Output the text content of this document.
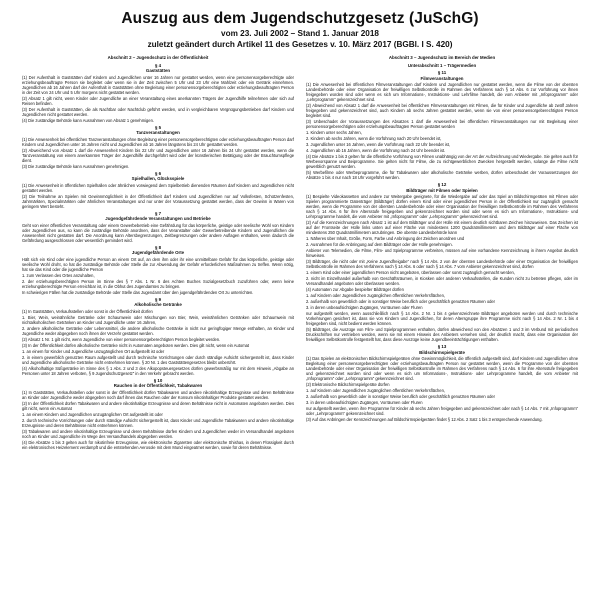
Auszug aus dem Jugendschutzgesetz (JuSchG)
vom 23. Juli 2002 – Stand 1. Januar 2018
zuletzt geändert durch Artikel 11 des Gesetzes v. 10. März 2017 (BGBl. I S. 420)
Abschnitt 2 – Jugendschutz in der Öffentlichkeit
§ 4
Gaststätten

(1) Der Aufenthalt in Gaststätten darf Kindern und Jugendlichen unter 16 Jahren nur gestattet werden, wenn eine personensorgeberechtigte oder erziehungsbeauftragte Person sie begleitet oder wenn sie in der Zeit zwischen 5 Uhr und 23 Uhr eine Mahlzeit oder ein Getränk einnehmen. Jugendlichen ab 16 Jahren darf der Aufenthalt in Gaststätten ohne Begleitung einer personensorgeberechtigten oder erziehungsbeauftragten Person in der Zeit von 24 Uhr und 5 Uhr morgens nicht gestattet werden.

(2) Absatz 1 gilt nicht, wenn Kinder oder Jugendliche an einer Veranstaltung eines anerkannten Trägers der Jugendhilfe teilnehmen oder sich auf Reisen befinden.

(3) Der Aufenthalt in Gaststätten, die als Nachtbar oder Nachtclub geführt werden, und in vergleichbaren Vergnügungsbetrieben darf Kindern und Jugendlichen nicht gestattet werden.

(4) Die zuständige Behörde kann Ausnahmen von Absatz 1 genehmigen.

§ 5
Tanzveranstaltungen

(1) Die Anwesenheit bei öffentlichen Tanzveranstaltungen ohne Begleitung einer personensorgeberechtigten oder erziehungsbeauftragten Person darf Kindern und Jugendlichen unter 16 Jahren nicht und Jugendlichen ab 16 Jahren längstens bis 24 Uhr gestattet werden.

(2) Abweichend von Absatz 1 darf die Anwesenheit Kindern bis 22 Uhr und Jugendlichen unter 16 Jahren bis 24 Uhr gestattet werden, wenn die Tanzveranstaltung von einem anerkannten Träger der Jugendhilfe durchgeführt wird oder der künstlerischen Betätigung oder der Brauchtumspflege dient.

(3) Die zuständige Behörde kann Ausnahmen genehmigen.

§ 6
Spielhallen, Glücksspiele

(1) Die Anwesenheit in öffentlichen Spielhallen oder ähnlichen vorwiegend dem Spielbetrieb dienenden Räumen darf Kindern und Jugendlichen nicht gestattet werden.

(2) Die Teilnahme an Spielen mit Gewinnmöglichkeit in der Öffentlichkeit darf Kindern und Jugendlichen nur auf Volksfesten, Schützenfesten, Jahrmärkten, Spezialmärkten oder ähnlichen Veranstaltungen und nur unter der Voraussetzung gestattet werden, dass der Gewinn in Waren von geringem Wert besteht.

§ 7
Jugendgefährdende Veranstaltungen und Betriebe

Geht von einer öffentlichen Veranstaltung oder einem Gewerbebetrieb eine Gefährdung für das körperliche, geistige oder seelische Wohl von Kindern oder Jugendlichen aus, so kann die zuständige Behörde anordnen, dass der Veranstalter oder Gewerbetreibende Kindern und Jugendlichen die Anwesenheit nicht gestatten darf. Die Anordnung kann Altersbegrenzungen, Zeitbegrenzungen oder andere Auflagen enthalten, wenn dadurch die Gefährdung ausgeschlossen oder wesentlich gemindert wird.

§ 8
Jugendgefährdende Orte

Hält sich ein Kind oder eine jugendliche Person an einem Ort auf, an dem ihm oder ihr eine unmittelbare Gefahr für das körperliche, geistige oder seelische Wohl droht, so hat die zuständige Behörde oder Stelle die zur Abwendung der Gefahr erforderlichen Maßnahmen zu treffen. Wenn nötig, hat sie das Kind oder die jugendliche Person

1. zum Verlassen des Ortes anzuhalten,

2. der erziehungsberechtigten Person im Sinne des § 7 Abs. 1 Nr. 6 des Achten Buches Sozialgesetzbuch zuzuführen oder, wenn keine erziehungsberechtigte Person erreichbar ist, in die Obhut des Jugendamtes zu bringen.

In schwierigen Fällen hat die zuständige Behörde oder Stelle das Jugendamt über den jugendgefährdenden Ort zu unterrichten.

§ 9
Alkoholische Getränke

(1) In Gaststätten, Verkaufsstellen oder sonst in der Öffentlichkeit dürfen

1. Bier, Wein, weinähnliche Getränke oder Schaumwein oder Mischungen von Bier, Wein, weinähnlichen Getränken oder Schaumwein mit nichtalkoholischen Getränken an Kinder und Jugendliche unter 16 Jahren,

2. andere alkoholische Getränke oder Lebensmittel, die andere alkoholische Getränke in nicht nur geringfügiger Menge enthalten, an Kinder und Jugendliche weder abgegeben noch ihnen der Verzehr gestattet werden.

(2) Absatz 1 Nr. 1 gilt nicht, wenn Jugendliche von einer personensorgeberechtigten Person begleitet werden.

(3) In der Öffentlichkeit dürfen alkoholische Getränke nicht in Automaten angeboten werden. Dies gilt nicht, wenn ein Automat

1. an einem für Kinder und Jugendliche unzugänglichen Ort aufgestellt ist oder

2. in einem gewerblich genutzten Raum aufgestellt und durch technische Vorrichtungen oder durch ständige Aufsicht sichergestellt ist, dass Kinder und Jugendliche alkoholische Getränke nicht entnehmen können. § 20 Nr. 1 des Gaststättengesetzes bleibt unberührt.

(4) Alkoholhaltige Süßgetränke im Sinne des § 1 Abs. 2 und 3 des Alkopopsteuergesetzes dürfen gewerbsmäßig nur mit dem Hinweis „Abgabe an Personen unter 18 Jahren verboten, § 9 Jugendschutzgesetz“ in den Verkehr gebracht werden.

§ 10
Rauchen in der Öffentlichkeit, Tabakwaren

(1) In Gaststätten, Verkaufsstellen oder sonst in der Öffentlichkeit dürfen Tabakwaren und andere nikotinhaltige Erzeugnisse und deren Behältnisse an Kinder oder Jugendliche weder abgegeben noch darf ihnen das Rauchen oder der Konsum nikotinhaltiger Produkte gestattet werden.

(2) In der Öffentlichkeit dürfen Tabakwaren und andere nikotinhaltige Erzeugnisse und deren Behältnisse nicht in Automaten angeboten werden. Dies gilt nicht, wenn ein Automat

1. an einem Kindern und Jugendlichen unzugänglichen Ort aufgestellt ist oder

2. durch technische Vorrichtungen oder durch ständige Aufsicht sichergestellt ist, dass Kinder und Jugendliche Tabakwaren und andere nikotinhaltige Erzeugnisse und deren Behältnisse nicht entnehmen können.

(3) Tabakwaren und andere nikotinhaltige Erzeugnisse und deren Behältnisse dürfen Kindern und Jugendlichen weder im Versandhandel angeboten noch an Kinder und Jugendliche im Wege des Versandhandels abgegeben werden.

(4) Die Absätze 1 bis 3 gelten auch für nikotinfreie Erzeugnisse, wie elektronische Zigaretten oder elektronische Shishas, in denen Flüssigkeit durch ein elektronisches Heizelement verdampft und die entstehenden Aerosole mit dem Mund eingeatmet werden, sowie für deren Behältnisse.

Abschnitt 3 – Jugendschutz im Bereich der Medien
Unterabschnitt 1 – Trägermedien
§ 11
Filmveranstaltungen

(1) Die Anwesenheit bei öffentlichen Filmveranstaltungen darf Kindern und Jugendlichen nur gestattet werden, wenn die Filme von der obersten Landesbehörde oder einer Organisation der freiwilligen Selbstkontrolle im Rahmen des Verfahrens nach § 14 Abs. 6 zur Vorführung vor ihnen freigegeben worden sind oder wenn es sich um Informations-, Instruktions- und Lehrfilme handelt, die vom Anbieter mit „Infoprogramm“ oder „Lehrprogramm“ gekennzeichnet sind.

(2) Abweichend von Absatz 1 darf die Anwesenheit bei öffentlichen Filmveranstaltungen mit Filmen, die für Kinder und Jugendliche ab zwölf Jahren freigegeben und gekennzeichnet sind, auch Kindern ab sechs Jahren gestattet werden, wenn sie von einer personensorgeberechtigten Person begleitet sind.

(3) Unbeschadet der Voraussetzungen des Absatzes 1 darf die Anwesenheit bei öffentlichen Filmveranstaltungen nur mit Begleitung einer personensorgeberechtigten oder erziehungsbeauftragten Person gestattet werden

1. Kindern unter sechs Jahren,

2. Kindern ab sechs Jahren, wenn die Vorführung nach 20 Uhr beendet ist,

3. Jugendlichen unter 16 Jahren, wenn die Vorführung nach 22 Uhr beendet ist,

4. Jugendlichen ab 16 Jahren, wenn die Vorführung nach 24 Uhr beendet ist.

(4) Die Absätze 1 bis 3 gelten für die öffentliche Vorführung von Filmen unabhängig von der Art der Aufzeichnung und Wiedergabe. Sie gelten auch für Werbevorspanne und Beiprogramme. Sie gelten nicht für Filme, die zu nichtgewerblichen Zwecken hergestellt werden, solange die Filme nicht gewerblich genutzt werden.

(5) Werbefilme oder Werbeprogramme, die für Tabakwaren oder alkoholische Getränke werben, dürfen unbeschadet der Voraussetzungen der Absätze 1 bis 4 nur nach 18 Uhr vorgeführt werden.

§ 12
Bildträger mit Filmen oder Spielen

(1) Bespielte Videokassetten und andere zur Weitergabe geeignete, für die Wiedergabe auf oder das Spiel an Bildschirmgeräten mit Filmen oder Spielen programmierte Datenträger (Bildträger) dürfen einem Kind oder einer jugendlichen Person in der Öffentlichkeit nur zugänglich gemacht werden, wenn die Programme von der obersten Landesbehörde oder einer Organisation der freiwilligen Selbstkontrolle im Rahmen des Verfahrens nach § 14 Abs. 6 für ihre Altersstufe freigegeben und gekennzeichnet worden sind oder wenn es sich um Informations-, Instruktions- und Lehrprogramme handelt, die vom Anbieter mit „Infoprogramm“ oder „Lehrprogramm“ gekennzeichnet sind.

(2) Auf die Kennzeichnungen nach Absatz 1 ist auf dem Bildträger und der Hülle mit einem deutlich sichtbaren Zeichen hinzuweisen. Das Zeichen ist auf der Frontseite der Hülle links unten auf einer Fläche von mindestens 1200 Quadratmillimetern und dem Bildträger auf einer Fläche von mindestens 250 Quadratmillimetern anzubringen. Die oberste Landesbehörde kann

1. Näheres über Inhalt, Größe, Form, Farbe und Anbringung der Zeichen anordnen und

2. Ausnahmen für die Anbringung auf dem Bildträger oder der Hülle genehmigen.

Anbieter von Telemedien, die Filme, Film- und Spielprogramme verbreiten, müssen auf eine vorhandene Kennzeichnung in ihrem Angebot deutlich hinweisen.

(3) Bildträger, die nicht oder mit „Keine Jugendfreigabe“ nach § 14 Abs. 2 von der obersten Landesbehörde oder einer Organisation der freiwilligen Selbstkontrolle im Rahmen des Verfahrens nach § 14 Abs. 6 oder nach § 14 Abs. 7 vom Anbieter gekennzeichnet sind, dürfen

1. einem Kind oder einer jugendlichen Person nicht angeboten, überlassen oder sonst zugänglich gemacht werden,

2. nicht im Einzelhandel außerhalb von Geschäftsräumen, in Kiosken oder anderen Verkaufsstellen, die Kunden nicht zu betreten pflegen, oder im Versandhandel angeboten oder überlassen werden.

(4) Automaten zur Abgabe bespielter Bildträger dürfen

1. auf Kindern oder Jugendlichen zugänglichen öffentlichen Verkehrsflächen,

2. außerhalb von gewerblich oder in sonstiger Weise beruflich oder geschäftlich genutzten Räumen oder

3. in deren unbeaufsichtigten Zugängen, Vorräumen oder Fluren

nur aufgestellt werden, wenn ausschließlich nach § 14 Abs. 2 Nr. 1 bis 4 gekennzeichnete Bildträger angeboten werden und durch technische Vorkehrungen gesichert ist, dass sie von Kindern und Jugendlichen, für deren Altersgruppe ihre Programme nicht nach § 14 Abs. 2 Nr. 1 bis 4 freigegeben sind, nicht bedient werden können.

(5) Bildträger, die Auszüge von Film- und Spielprogrammen enthalten, dürfen abweichend von den Absätzen 1 und 3 im Verbund mit periodischen Druckschriften nur vertrieben werden, wenn sie mit einem Hinweis des Anbieters versehen sind, der deutlich macht, dass eine Organisation der freiwilligen Selbstkontrolle festgestellt hat, dass diese Auszüge keine Jugendbeeinträchtigungen enthalten.

§ 13
Bildschirmspielgeräte

(1) Das Spielen an elektronischen Bildschirmspielgeräten ohne Gewinnmöglichkeit, die öffentlich aufgestellt sind, darf Kindern und Jugendlichen ohne Begleitung einer personensorgeberechtigten oder erziehungsbeauftragten Person nur gestattet werden, wenn die Programme von der obersten Landesbehörde oder einer Organisation der freiwilligen Selbstkontrolle im Rahmen des Verfahrens nach § 14 Abs. 6 für ihre Altersstufe freigegeben und gekennzeichnet worden sind oder wenn es sich um Informations-, Instruktions- oder Lehrprogramme handelt, die vom Anbieter mit „Infoprogramm“ oder „Lehrprogramm“ gekennzeichnet sind.

(2) Elektronische Bildschirmspielgeräte dürfen

1. auf Kindern oder Jugendlichen zugänglichen öffentlichen Verkehrsflächen,

2. außerhalb von gewerblich oder in sonstiger Weise beruflich oder geschäftlich genutzten Räumen oder

3. in deren unbeaufsichtigten Zugängen, Vorräumen oder Fluren

nur aufgestellt werden, wenn ihre Programme für Kinder ab sechs Jahren freigegeben und gekennzeichnet oder nach § 14 Abs. 7 mit „Infoprogramm“ oder „Lehrprogramm“ gekennzeichnet sind.

(3) Auf das Anbringen der Kennzeichnungen auf Bildschirmspielgeräten findet § 12 Abs. 2 Satz 1 bis 3 entsprechende Anwendung.
